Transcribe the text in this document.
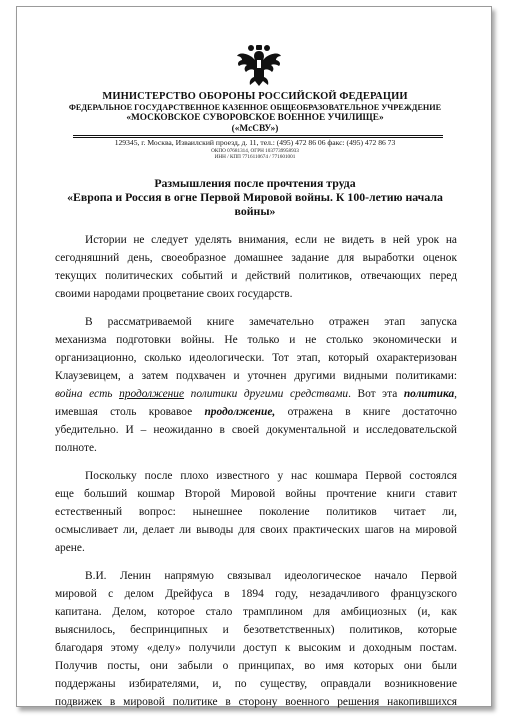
МИНИСТЕРСТВО ОБОРОНЫ РОССИЙСКОЙ ФЕДЕРАЦИИ
ФЕДЕРАЛЬНОЕ ГОСУДАРСТВЕННОЕ КАЗЕННОЕ ОБЩЕОБРАЗОВАТЕЛЬНОЕ УЧРЕЖДЕНИЕ
«МОСКОВСКОЕ СУВОРОВСКОЕ ВОЕННОЕ УЧИЛИЩЕ»
(«МсСВУ»)
129345, г. Москва, Изваилский проезд, д. 11, тел.: (495) 472 86 06 факс: (495) 472 86 73
ОКПО 07681314, ОГРН 1037739958933
ИНН / КПП 7716110674 / 771601001
Размышления после прочтения труда
«Европа и Россия в огне Первой Мировой войны. К 100-летию начала
войны»
Истории не следует уделять внимания, если не видеть в ней урок на
сегодняшний день, своеобразное домашнее задание для выработки оценок
текущих политических событий и действий политиков, отвечающих перед
своими народами процветание своих государств.
В рассматриваемой книге замечательно отражен этап запуска
механизма подготовки войны. Не только и не столько экономически и
организационно, сколько идеологически. Тот этап, который охарактеризован
Клаузевицем, а затем подхвачен и уточнен другими видными политиками:
война есть продолжение политики другими средствами. Вот эта политика,
имевшая столь кровавое продолжение, отражена в книге достаточно
убедительно. И – неожиданно в своей документальной и исследовательской
полноте.
Поскольку после плохо известного у нас кошмара Первой состоялся
еще больший кошмар Второй Мировой войны прочтение книги ставит
естественный вопрос: нынешнее поколение политиков читает ли,
осмысливает ли, делает ли выводы для своих практических шагов на мировой
арене.
В.И. Ленин напрямую связывал идеологическое начало Первой
мировой с делом Дрейфуса в 1894 году, незадачливого французского
капитана. Делом, которое стало трамплином для амбициозных (и, как
выяснилось, беспринципных и безответственных) политиков, которые
благодаря этому «делу» получили доступ к высоким и доходным постам.
Получив посты, они забыли о принципах, во имя которых они были
поддержаны избирателями, и, по существу, оправдали возникновение
подвижек в мировой политике в сторону военного решения накопившихся
